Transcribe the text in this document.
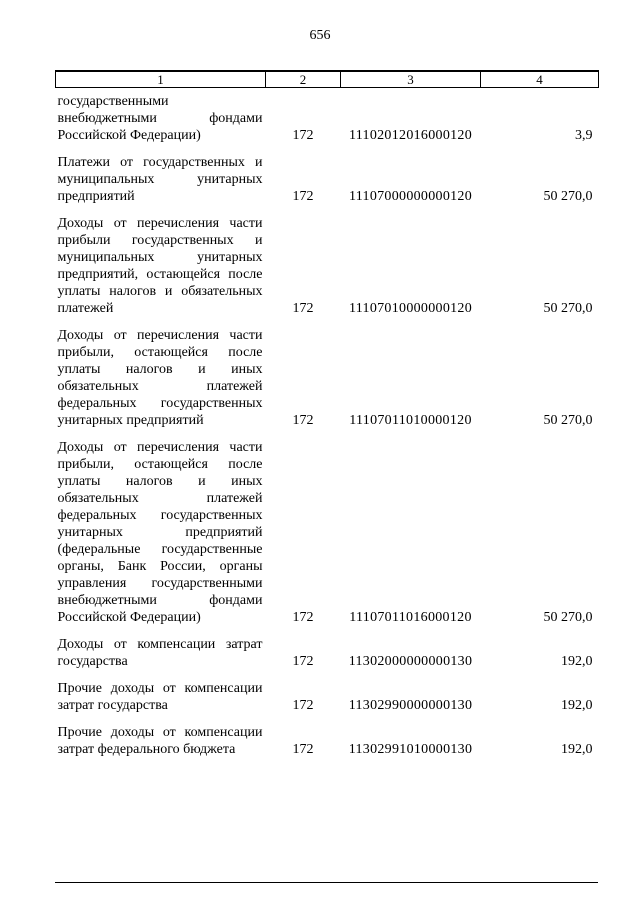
656
1	2	3	4
государственными внебюджетными фондами Российской Федерации)	172	11102012016000120	3,9
Платежи от государственных и муниципальных унитарных предприятий	172	11107000000000120	50 270,0
Доходы от перечисления части прибыли государственных и муниципальных унитарных предприятий, остающейся после уплаты налогов и обязательных платежей	172	11107010000000120	50 270,0
Доходы от перечисления части прибыли, остающейся после уплаты налогов и иных обязательных платежей федеральных государственных унитарных предприятий	172	11107011010000120	50 270,0
Доходы от перечисления части прибыли, остающейся после уплаты налогов и иных обязательных платежей федеральных государственных унитарных предприятий (федеральные государственные органы, Банк России, органы управления государственными внебюджетными фондами Российской Федерации)	172	11107011016000120	50 270,0
Доходы от компенсации затрат государства	172	11302000000000130	192,0
Прочие доходы от компенсации затрат государства	172	11302990000000130	192,0
Прочие доходы от компенсации затрат федерального бюджета	172	11302991010000130	192,0
